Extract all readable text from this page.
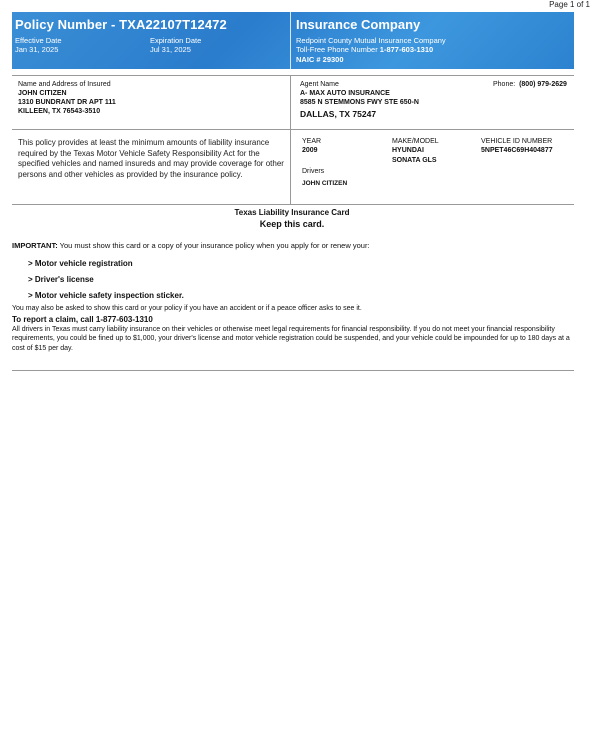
Page 1 of 1
Policy Number - TXA22107T12472
Effective Date
Jan 31, 2025
Expiration Date
Jul 31, 2025
Insurance Company
Redpoint County Mutual Insurance Company
Toll-Free Phone Number 1-877-603-1310
NAIC # 29300
Name and Address of Insured
JOHN CITIZEN
1310 BUNDRANT DR APT 111
KILLEEN, TX 76543-3510
Agent Name
A- MAX AUTO INSURANCE
8585 N STEMMONS FWY STE 650-N
DALLAS, TX 75247
Phone: (800) 979-2629
This policy provides at least the minimum amounts of liability insurance required by the Texas Motor Vehicle Safety Responsibility Act for the specified vehicles and named insureds and may provide coverage for other persons and other vehicles as provided by the insurance policy.
YEAR
2009
MAKE/MODEL
HYUNDAI
SONATA GLS
VEHICLE ID NUMBER
5NPET46C69H404877
Drivers
JOHN CITIZEN
Texas Liability Insurance Card
Keep this card.
IMPORTANT: You must show this card or a copy of your insurance policy when you apply for or renew your:
> Motor vehicle registration
> Driver's license
> Motor vehicle safety inspection sticker.
You may also be asked to show this card or your policy if you have an accident or if a peace officer asks to see it.
To report a claim, call 1-877-603-1310
All drivers in Texas must carry liability insurance on their vehicles or otherwise meet legal requirements for financial responsibility. If you do not meet your financial responsibility requirements, you could be fined up to $1,000, your driver's license and motor vehicle registration could be suspended, and your vehicle could be impounded for up to 180 days at a cost of $15 per day.
